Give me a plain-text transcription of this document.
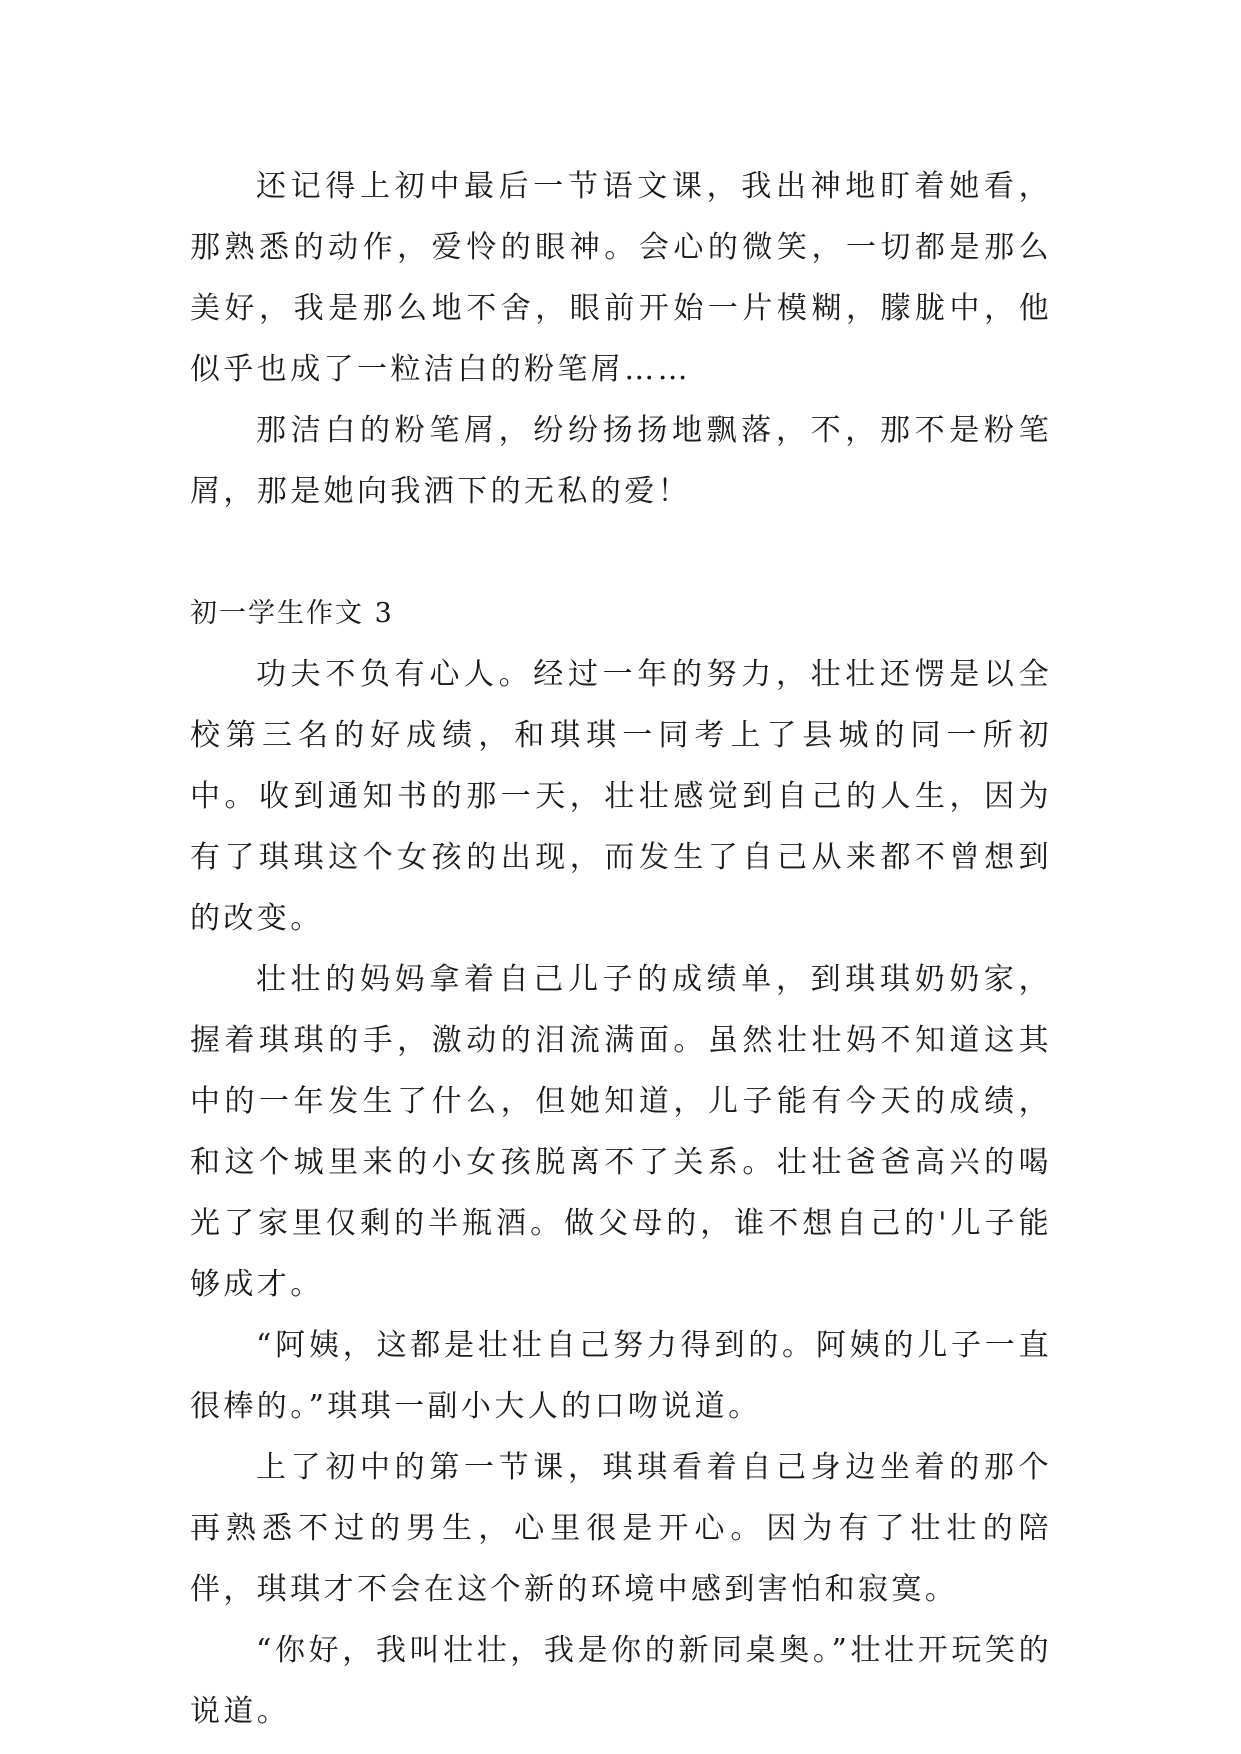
还记得上初中最后一节语文课，我出神地盯着她看，那熟悉的动作，爱怜的眼神。会心的微笑，一切都是那么美好，我是那么地不舍，眼前开始一片模糊，朦胧中，他似乎也成了一粒洁白的粉笔屑……

那洁白的粉笔屑，纷纷扬扬地飘落，不，那不是粉笔屑，那是她向我洒下的无私的爱！

初一学生作文 3

功夫不负有心人。经过一年的努力，壮壮还愣是以全校第三名的好成绩，和琪琪一同考上了县城的同一所初中。收到通知书的那一天，壮壮感觉到自己的人生，因为有了琪琪这个女孩的出现，而发生了自己从来都不曾想到的改变。

壮壮的妈妈拿着自己儿子的成绩单，到琪琪奶奶家，握着琪琪的手，激动的泪流满面。虽然壮壮妈不知道这其中的一年发生了什么，但她知道，儿子能有今天的成绩，和这个城里来的小女孩脱离不了关系。壮壮爸爸高兴的喝光了家里仅剩的半瓶酒。做父母的，谁不想自己的'儿子能够成才。

“阿姨，这都是壮壮自己努力得到的。阿姨的儿子一直很棒的。”琪琪一副小大人的口吻说道。

上了初中的第一节课，琪琪看着自己身边坐着的那个再熟悉不过的男生，心里很是开心。因为有了壮壮的陪伴，琪琪才不会在这个新的环境中感到害怕和寂寞。

“你好，我叫壮壮，我是你的新同桌奥。”壮壮开玩笑的说道。
